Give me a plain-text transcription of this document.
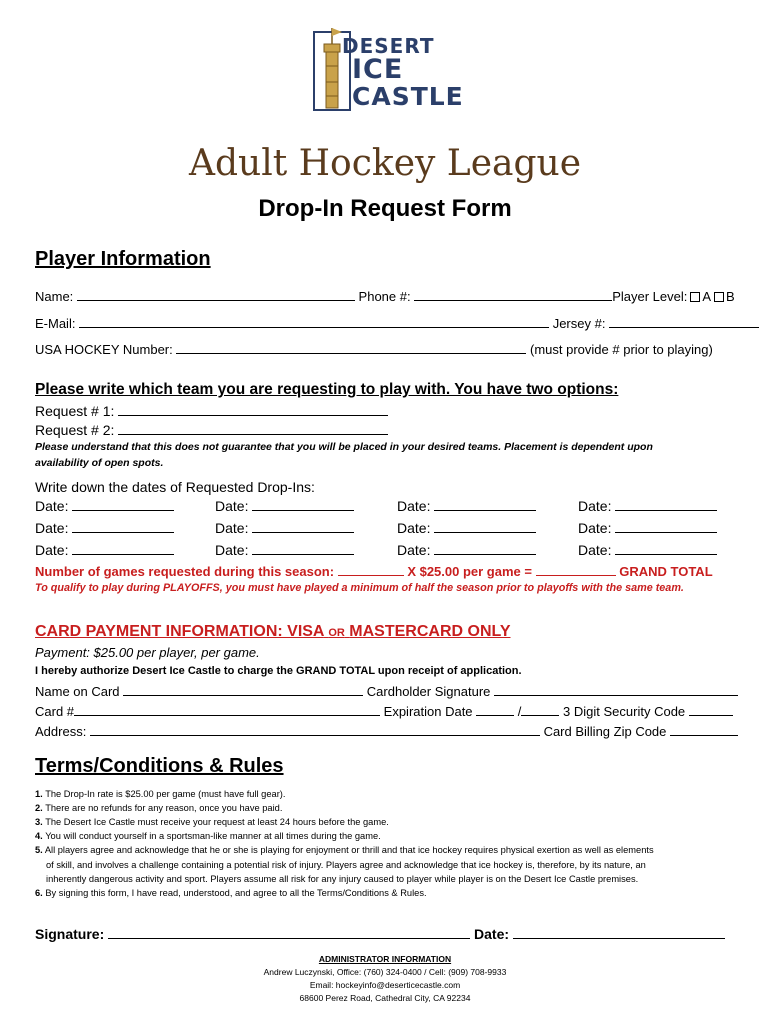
DESERT
ICE
CASTLE
Adult Hockey League
Drop-In Request Form
Player Information
Name:	Phone #:	Player Level: A B
E-Mail:	Jersey #:
USA HOCKEY Number:	(must provide # prior to playing)
Please write which team you are requesting to play with. You have two options:
Request # 1:
Request # 2:
Please understand that this does not guarantee that you will be placed in your desired teams. Placement is dependent upon
availability of open spots.
Write down the dates of Requested Drop-Ins:
Date:	Date:	Date:	Date:
Date:	Date:	Date:	Date:
Date:	Date:	Date:	Date:
Number of games requested during this season:	X $25.00 per game =	GRAND TOTAL
To qualify to play during PLAYOFFS, you must have played a minimum of half the season prior to playoffs with the same team.
CARD PAYMENT INFORMATION: VISA OR MASTERCARD ONLY
Payment: $25.00 per player, per game.
I hereby authorize Desert Ice Castle to charge the GRAND TOTAL upon receipt of application.
Name on Card	Cardholder Signature
Card #	Expiration Date	/	3 Digit Security Code
Address:	Card Billing Zip Code
Terms/Conditions & Rules
1. The Drop-In rate is $25.00 per game (must have full gear).
2. There are no refunds for any reason, once you have paid.
3. The Desert Ice Castle must receive your request at least 24 hours before the game.
4. You will conduct yourself in a sportsman-like manner at all times during the game.
5. All players agree and acknowledge that he or she is playing for enjoyment or thrill and that ice hockey requires physical exertion as well as elements
of skill, and involves a challenge containing a potential risk of injury. Players agree and acknowledge that ice hockey is, therefore, by its nature, an
inherently dangerous activity and sport. Players assume all risk for any injury caused to player while player is on the Desert Ice Castle premises.
6. By signing this form, I have read, understood, and agree to all the Terms/Conditions & Rules.
Signature:	Date:
ADMINISTRATOR INFORMATION
Andrew Luczynski, Office: (760) 324-0400 / Cell: (909) 708-9933
Email: hockeyinfo@deserticecastle.com
68600 Perez Road, Cathedral City, CA 92234
